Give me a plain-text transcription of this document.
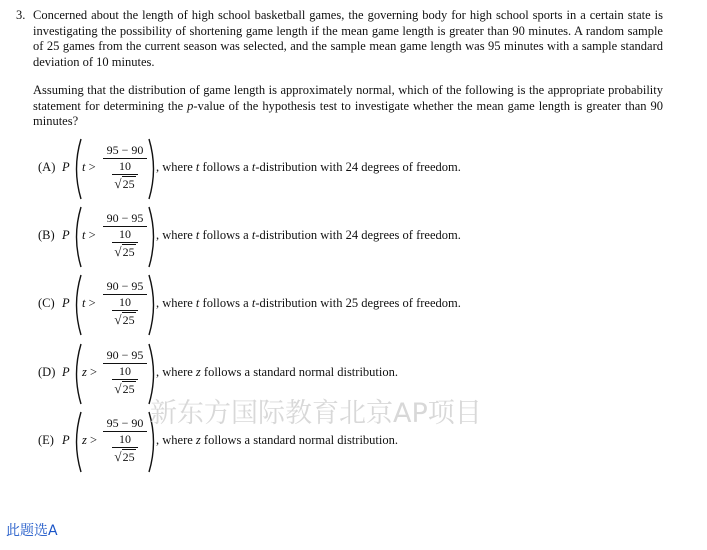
3. Concerned about the length of high school basketball games, the governing body for high school sports in a certain state is investigating the possibility of shortening game length if the mean game length is greater than 90 minutes. A random sample of 25 games from the current season was selected, and the sample mean game length was 95 minutes with a sample standard deviation of 10 minutes.
Assuming that the distribution of game length is approximately normal, which of the following is the appropriate probability statement for determining the p-value of the hypothesis test to investigate whether the mean game length is greater than 90 minutes?
(A) P t >
95 − 90
10
√25
, where t follows a t-distribution with 24 degrees of freedom.
(B) P t >
90 − 95
10
√25
, where t follows a t-distribution with 24 degrees of freedom.
(C) P t >
90 − 95
10
√25
, where t follows a t-distribution with 25 degrees of freedom.
(D) P z >
90 − 95
10
√25
, where z follows a standard normal distribution.
(E) P z >
95 − 90
10
√25
, where z follows a standard normal distribution.
新东方国际教育北京AP项目
此题选A
